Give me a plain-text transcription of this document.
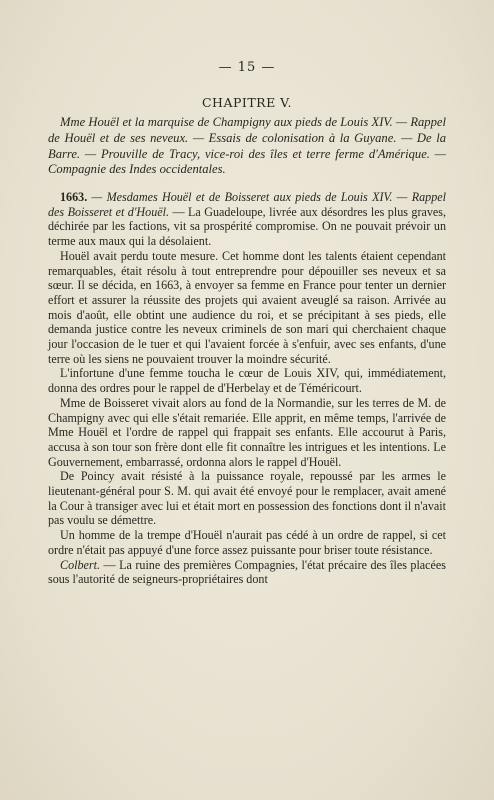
— 15 —
CHAPITRE V.
Mme Houël et la marquise de Champigny aux pieds de Louis XIV. — Rappel de Houël et de ses neveux. — Essais de colonisation à la Guyane. — De la Barre. — Prouville de Tracy, vice-roi des îles et terre ferme d'Amérique. — Compagnie des Indes occidentales.

1663. — Mesdames Houël et de Boisseret aux pieds de Louis XIV. — Rappel des Boisseret et d'Houël. — La Guadeloupe, livrée aux désordres les plus graves, déchirée par les factions, vit sa prospérité compromise. On ne pouvait prévoir un terme aux maux qui la désolaient.

Houël avait perdu toute mesure. Cet homme dont les talents étaient cependant remarquables, était résolu à tout entreprendre pour dépouiller ses neveux et sa sœur. Il se décida, en 1663, à envoyer sa femme en France pour tenter un dernier effort et assurer la réussite des projets qui avaient aveuglé sa raison. Arrivée au mois d'août, elle obtint une audience du roi, et se précipitant à ses pieds, elle demanda justice contre les neveux criminels de son mari qui cherchaient chaque jour l'occasion de le tuer et qui l'avaient forcée à s'enfuir, avec ses enfants, d'une terre où les siens ne pouvaient trouver la moindre sécurité.

L'infortune d'une femme toucha le cœur de Louis XIV, qui, immédiatement, donna des ordres pour le rappel de d'Herbelay et de Téméricourt.

Mme de Boisseret vivait alors au fond de la Normandie, sur les terres de M. de Champigny avec qui elle s'était remariée. Elle apprit, en même temps, l'arrivée de Mme Houël et l'ordre de rappel qui frappait ses enfants. Elle accourut à Paris, accusa à son tour son frère dont elle fit connaître les intrigues et les intentions. Le Gouvernement, embarrassé, ordonna alors le rappel d'Houël.

De Poincy avait résisté à la puissance royale, repoussé par les armes le lieutenant-général pour S. M. qui avait été envoyé pour le remplacer, avait amené la Cour à transiger avec lui et était mort en possession des fonctions dont il n'avait pas voulu se démettre.

Un homme de la trempe d'Houël n'aurait pas cédé à un ordre de rappel, si cet ordre n'était pas appuyé d'une force assez puissante pour briser toute résistance.

Colbert. — La ruine des premières Compagnies, l'état précaire des îles placées sous l'autorité de seigneurs-propriétaires dont
